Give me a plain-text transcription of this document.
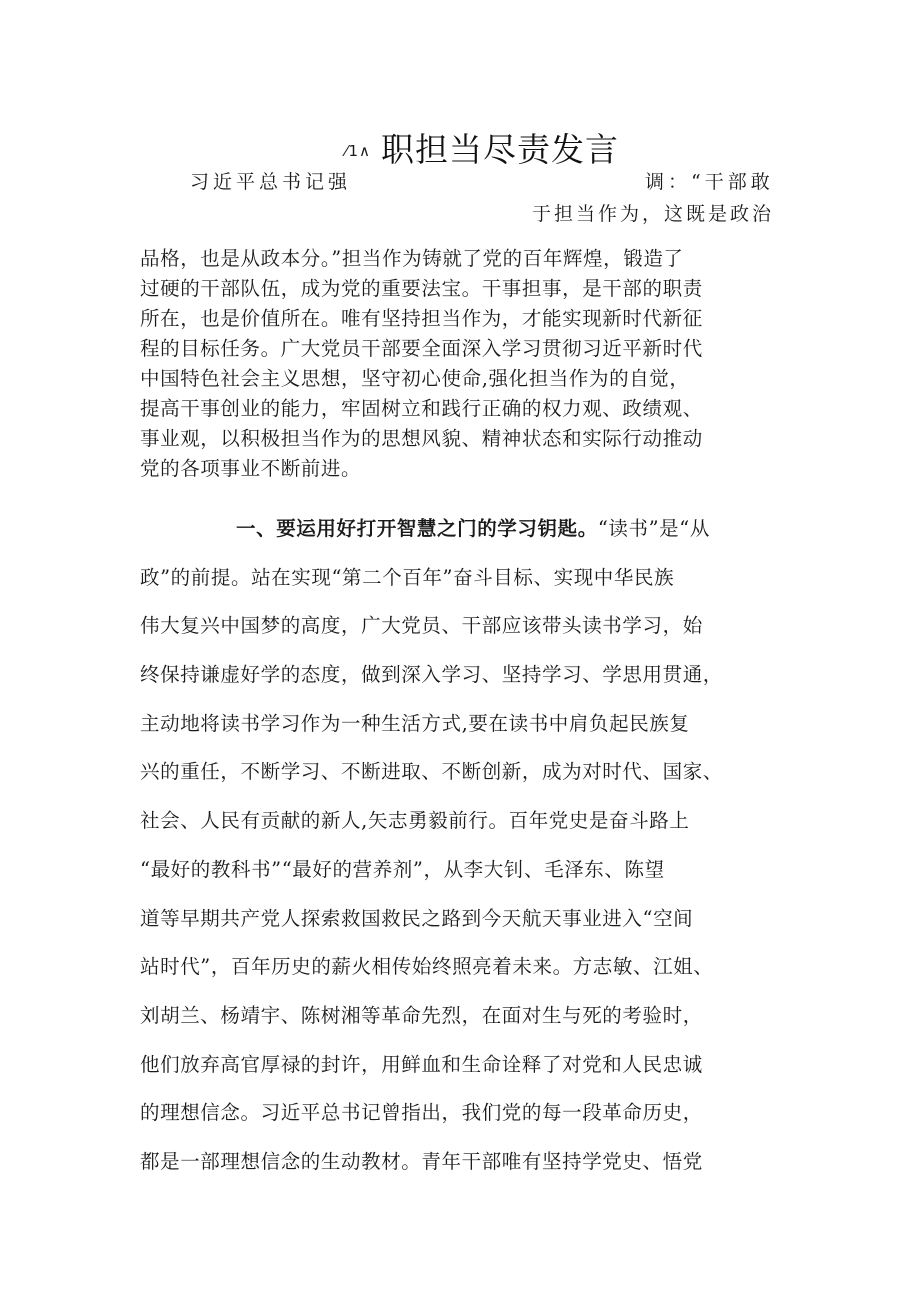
⁄1∧ 职担当尽责发言
习近平总书记强	调：“干部敢
于担当作为，这既是政治
品格，也是从政本分。”担当作为铸就了党的百年辉煌，锻造了
过硬的干部队伍，成为党的重要法宝。干事担事，是干部的职责
所在，也是价值所在。唯有坚持担当作为，才能实现新时代新征
程的目标任务。广大党员干部要全面深入学习贯彻习近平新时代
中国特色社会主义思想，坚守初心使命,强化担当作为的自觉，
提高干事创业的能力，牢固树立和践行正确的权力观、政绩观、
事业观，以积极担当作为的思想风貌、精神状态和实际行动推动
党的各项事业不断前进。
一、要运用好打开智慧之门的学习钥匙。“读书”是“从
政”的前提。站在实现“第二个百年”奋斗目标、实现中华民族
伟大复兴中国梦的高度，广大党员、干部应该带头读书学习，始
终保持谦虚好学的态度，做到深入学习、坚持学习、学思用贯通，
主动地将读书学习作为一种生活方式,要在读书中肩负起民族复
兴的重任，不断学习、不断进取、不断创新，成为对时代、国家、
社会、人民有贡献的新人,矢志勇毅前行。百年党史是奋斗路上
“最好的教科书”“最好的营养剂”，从李大钊、毛泽东、陈望
道等早期共产党人探索救国救民之路到今天航天事业进入“空间
站时代”，百年历史的薪火相传始终照亮着未来。方志敏、江姐、
刘胡兰、杨靖宇、陈树湘等革命先烈，在面对生与死的考验时，
他们放弃高官厚禄的封许，用鲜血和生命诠释了对党和人民忠诚
的理想信念。习近平总书记曾指出，我们党的每一段革命历史，
都是一部理想信念的生动教材。青年干部唯有坚持学党史、悟党
